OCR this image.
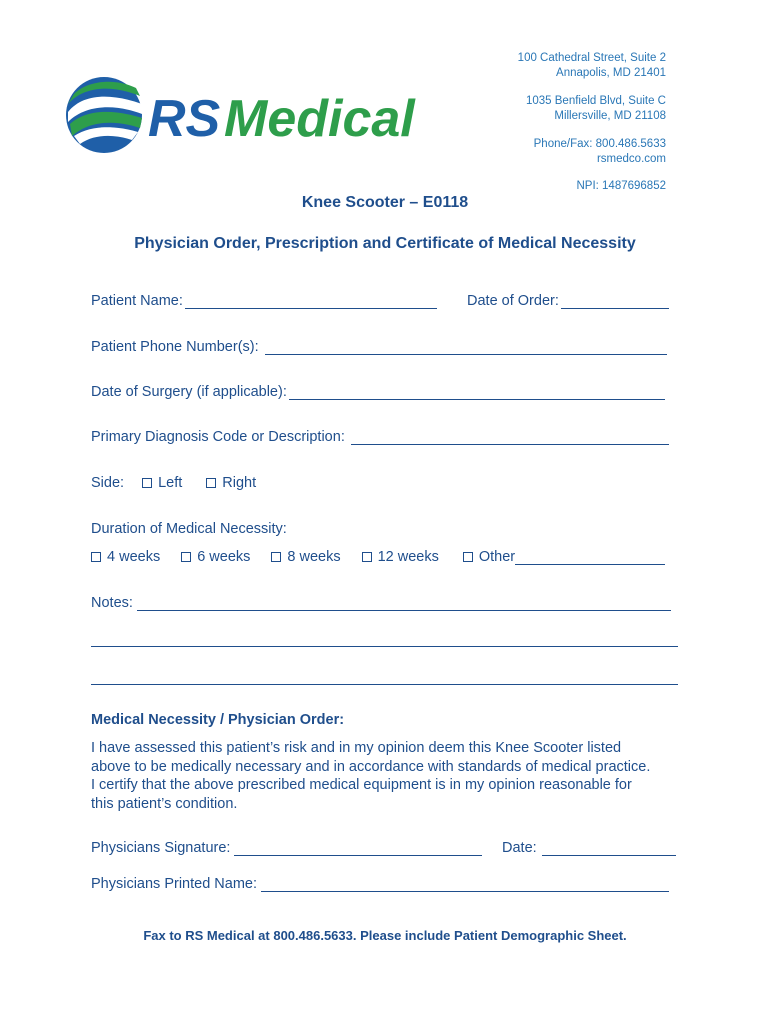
RS Medical
100 Cathedral Street, Suite 2
Annapolis, MD 21401
1035 Benfield Blvd, Suite C
Millersville, MD 21108
Phone/Fax: 800.486.5633
rsmedco.com
NPI: 1487696852
Knee Scooter – E0118
Physician Order, Prescription and Certificate of Medical Necessity
Patient Name:	Date of Order:
Patient Phone Number(s):
Date of Surgery (if applicable):
Primary Diagnosis Code or Description:
Side: Left	Right
Duration of Medical Necessity:
4 weeks	6 weeks	8 weeks	12 weeks	Other
Notes:
Medical Necessity / Physician Order:
I have assessed this patient’s risk and in my opinion deem this Knee Scooter listed
above to be medically necessary and in accordance with standards of medical practice.
I certify that the above prescribed medical equipment is in my opinion reasonable for
this patient’s condition.
Physicians Signature:	Date:
Physicians Printed Name:
Fax to RS Medical at 800.486.5633. Please include Patient Demographic Sheet.
